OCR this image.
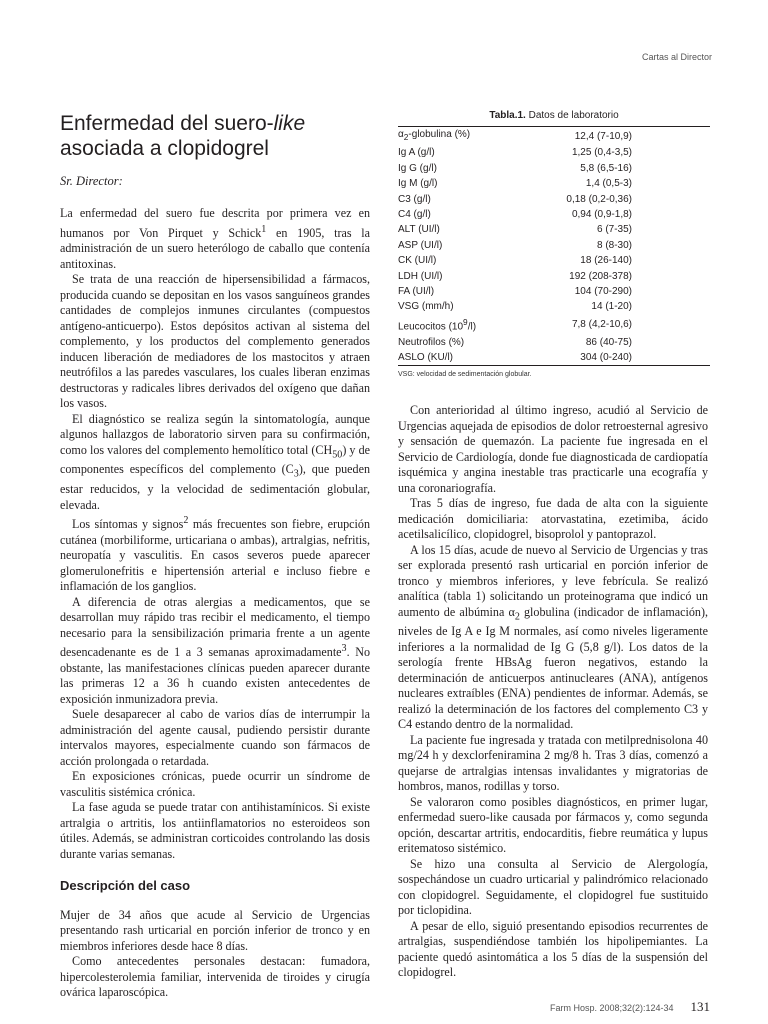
Cartas al Director
Enfermedad del suero-like
asociada a clopidogrel

Sr. Director:

La enfermedad del suero fue descrita por primera vez en humanos por Von Pirquet y Schick$^1$ en 1905, tras la administración de un suero heterólogo de caballo que contenía antitoxinas.

Se trata de una reacción de hipersensibilidad a fármacos, producida cuando se depositan en los vasos sanguíneos grandes cantidades de complejos inmunes circulantes (compuestos antígeno-anticuerpo). Estos depósitos activan al sistema del complemento, y los productos del complemento generados inducen liberación de mediadores de los mastocitos y atraen neutrófilos a las paredes vasculares, los cuales liberan enzimas destructoras y radicales libres derivados del oxígeno que dañan los vasos.

El diagnóstico se realiza según la sintomatología, aunque algunos hallazgos de laboratorio sirven para su confirmación, como los valores del complemento hemolítico total $(CH_{50})$ y de componentes específicos del complemento $(C_3)$, que pueden estar reducidos, y la velocidad de sedimentación globular, elevada.

Los síntomas y signos$^2$ más frecuentes son fiebre, erupción cutánea (morbiliforme, urticariana o ambas), artralgias, nefritis, neuropatía y vasculitis. En casos severos puede aparecer glomerulonefritis e hipertensión arterial e incluso fiebre e inflamación de los ganglios.

A diferencia de otras alergias a medicamentos, que se desarrollan muy rápido tras recibir el medicamento, el tiempo necesario para la sensibilización primaria frente a un agente desencadenante es de 1 a 3 semanas aproximadamente$^3$. No obstante, las manifestaciones clínicas pueden aparecer durante las primeras 12 a 36 h cuando existen antecedentes de exposición inmunizadora previa.

Suele desaparecer al cabo de varios días de interrumpir la administración del agente causal, pudiendo persistir durante intervalos mayores, especialmente cuando son fármacos de acción prolongada o retardada.

En exposiciones crónicas, puede ocurrir un síndrome de vasculitis sistémica crónica.

La fase aguda se puede tratar con antihistamínicos. Si existe artralgia o artritis, los antiinflamatorios no esteroideos son útiles. Además, se administran corticoides controlando las dosis durante varias semanas.

Descripción del caso

Mujer de 34 años que acude al Servicio de Urgencias presentando rash urticarial en porción inferior de tronco y en miembros inferiores desde hace 8 días.

Como antecedentes personales destacan: fumadora, hipercolesterolemia familiar, intervenida de tiroides y cirugía ovárica laparoscópica.

Tabla.1. Datos de laboratorio
$\alpha_2$-globulina (%)	12,4 (7-10,9)
Ig A (g/l)	1,25 (0,4-3,5)
Ig G (g/l)	5,8 (6,5-16)
Ig M (g/l)	1,4 (0,5-3)
C3 (g/l)	0,18 (0,2-0,36)
C4 (g/l)	0,94 (0,9-1,8)
ALT (UI/l)	6 (7-35)
ASP (UI/l)	8 (8-30)
CK (UI/l)	18 (26-140)
LDH (UI/l)	192 (208-378)
FA (UI/l)	104 (70-290)
VSG (mm/h)	14 (1-20)
Leucocitos $(10^9/l)$	7,8 (4,2-10,6)
Neutrofilos (%)	86 (40-75)
ASLO (KU/l)	304 (0-240)
VSG: velocidad de sedimentación globular.

Con anterioridad al último ingreso, acudió al Servicio de Urgencias aquejada de episodios de dolor retroesternal agresivo y sensación de quemazón. La paciente fue ingresada en el Servicio de Cardiología, donde fue diagnosticada de cardiopatía isquémica y angina inestable tras practicarle una ecografía y una coronariografía.

Tras 5 días de ingreso, fue dada de alta con la siguiente medicación domiciliaria: atorvastatina, ezetimiba, ácido acetilsalicílico, clopidogrel, bisoprolol y pantoprazol.

A los 15 días, acude de nuevo al Servicio de Urgencias y tras ser explorada presentó rash urticarial en porción inferior de tronco y miembros inferiores, y leve febrícula. Se realizó analítica (tabla 1) solicitando un proteinograma que indicó un aumento de albúmina $\alpha_2$ globulina (indicador de inflamación), niveles de Ig A e Ig M normales, así como niveles ligeramente inferiores a la normalidad de Ig G (5,8 g/l). Los datos de la serología frente HBsAg fueron negativos, estando la determinación de anticuerpos antinucleares (ANA), antígenos nucleares extraíbles (ENA) pendientes de informar. Además, se realizó la determinación de los factores del complemento C3 y C4 estando dentro de la normalidad.

La paciente fue ingresada y tratada con metilprednisolona 40 mg/24 h y dexclorfeniramina 2 mg/8 h. Tras 3 días, comenzó a quejarse de artralgias intensas invalidantes y migratorias de hombros, manos, rodillas y torso.

Se valoraron como posibles diagnósticos, en primer lugar, enfermedad suero-like causada por fármacos y, como segunda opción, descartar artritis, endocarditis, fiebre reumática y lupus eritematoso sistémico.

Se hizo una consulta al Servicio de Alergología, sospechándose un cuadro urticarial y palindrómico relacionado con clopidogrel. Seguidamente, el clopidogrel fue sustituido por ticlopidina.

A pesar de ello, siguió presentando episodios recurrentes de artralgias, suspendiéndose también los hipolipemiantes. La paciente quedó asintomática a los 5 días de la suspensión del clopidogrel.

Farm Hosp. 2008;32(2):124-34 131
